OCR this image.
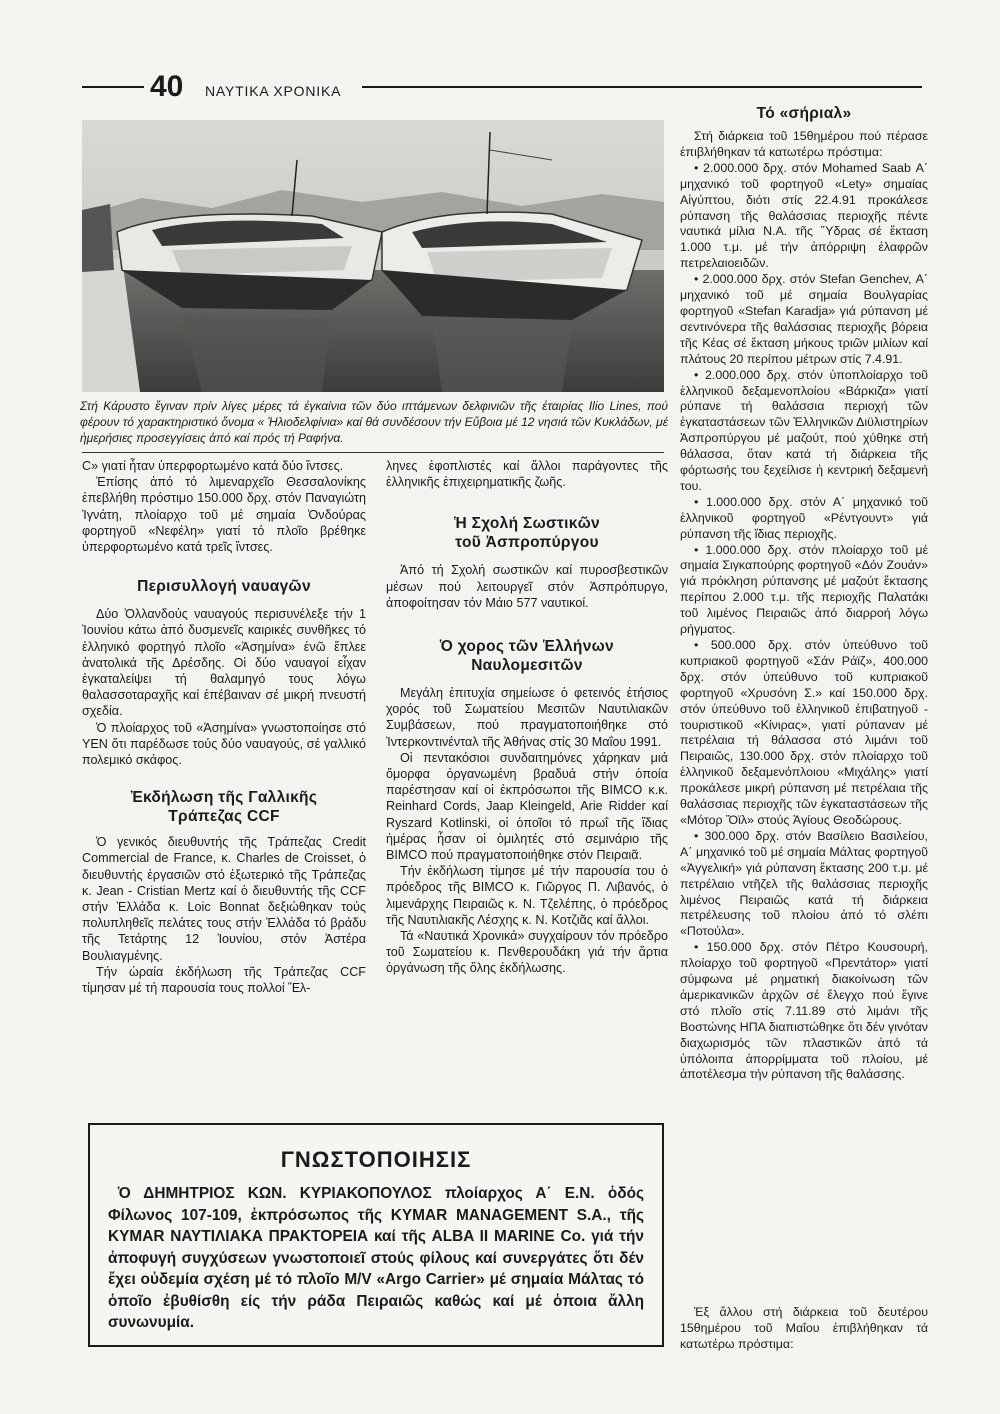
40 ΝΑΥΤΙΚΑ ΧΡΟΝΙΚΑ
Στή Κάρυστο ἔγιναν πρίν λίγες μέρες τά ἐγκαίνια τῶν δύο ιπτάμενων δελφινιῶν τῆς ἐταιρίας Ilio Lines, πού φέρουν τό χαρακτηριστικό ὄνομα « Ἡλιοδελφίνια» καί θά συνδέσουν τήν Εὔβοια μέ 12 νησιά τῶν Κυκλάδων, μέ ἡμερήσιες προσεγγίσεις ἀπό καί πρός τή Ραφήνα.

C» γιατί ἦταν ὑπερφορτωμένο κατά δύο ἴντσες.

Ἐπίσης ἀπό τό λιμεναρχεῖο Θεσσαλονίκης ἐπεβλήθη πρόστιμο 150.000 δρχ. στόν Παναγιώτη Ἰγνάτη, πλοίαρχο τοῦ μέ σημαία Ὀνδούρας φορτηγοῦ «Νεφέλη» γιατί τό πλοῖο βρέθηκε ὑπερφορτωμένο κατά τρεῖς ἴντσες.

Περισυλλογή ναυαγῶν

Δύο Ὀλλανδούς ναυαγούς περισυνέλεξε τήν 1 Ἰουνίου κάτω ἀπό δυσμενεῖς καιρικές συνθῆκες τό ἑλληνικό φορτηγό πλοῖο «Ἀσημίνα» ἐνῶ ἔπλεε ἀνατολικά τῆς Δρέσδης. Οἱ δύο ναυαγοί εἶχαν ἐγκαταλείψει τή θαλαμηγό τους λόγω θαλασσοταραχῆς καί ἐπέβαιναν σέ μικρή πνευστή σχεδία.

Ὁ πλοίαρχος τοῦ «Ἀσημίνα» γνωστοποίησε στό ΥΕΝ ὅτι παρέδωσε τούς δύο ναυαγούς, σέ γαλλικό πολεμικό σκάφος.

Ἐκδήλωση τῆς Γαλλικῆς
Τράπεζας CCF

Ὁ γενικός διευθυντής τῆς Τράπεζας Credit Commercial de France, κ. Charles de Croisset, ὁ διευθυντής ἐργασιῶν στό ἐξωτερικό τῆς Τράπεζας κ. Jean - Cristian Mertz καί ὁ διευθυντής τῆς CCF στήν Ἑλλάδα κ. Loic Bonnat δεξιώθηκαν τούς πολυπληθεῖς πελάτες τους στήν Ἑλλάδα τό βράδυ τῆς Τετάρτης 12 Ἰουνίου, στόν Ἀστέρα Βουλιαγμένης.

Τήν ὡραία ἐκδήλωση τῆς Τράπεζας CCF τίμησαν μέ τή παρουσία τους πολλοί Ἕλ-

ληνες ἐφοπλιστές καί ἄλλοι παράγοντες τῆς ἑλληνικῆς ἐπιχειρηματικῆς ζωῆς.

Ἡ Σχολή Σωστικῶν
τοῦ Ἀσπροπύργου

Ἀπό τή Σχολή σωστικῶν καί πυροσβεστικῶν μέσων πού λειτουργεῖ στόν Ἀσπρόπυργο, ἀποφοίτησαν τόν Μάιο 577 ναυτικοί.

Ὁ χορος τῶν Ἑλλήνων
Ναυλομεσιτῶν

Μεγάλη ἐπιτυχία σημείωσε ὁ φετεινός ἐτήσιος χορός τοῦ Σωματείου Μεσιτῶν Ναυτιλιακῶν Συμβάσεων, πού πραγματοποιήθηκε στό Ἰντερκοντινένταλ τῆς Ἀθήνας στίς 30 Μαΐου 1991.

Οἱ πεντακόσιοι συνδαιτημόνες χάρηκαν μιά ὄμορφα ὀργανωμένη βραδυά στήν ὁποία παρέστησαν καί οἱ ἐκπρόσωποι τῆς BIMCO κ.κ. Reinhard Cords, Jaap Kleingeld, Arie Ridder καί Ryszard Kotlinski, οἱ ὁποῖοι τό πρωΐ τῆς ἴδιας ἡμέρας ἦσαν οἱ ὁμιλητές στό σεμινάριο τῆς BIMCO πού πραγματοποιήθηκε στόν Πειραιᾶ.

Τήν ἐκδήλωση τίμησε μέ τήν παρουσία του ὁ πρόεδρος τῆς BIMCO κ. Γιῶργος Π. Λιβανός, ὁ λιμενάρχης Πειραιῶς κ. Ν. Τζελέπης, ὁ πρόεδρος τῆς Ναυτιλιακῆς Λέσχης κ. Ν. Κοτζιᾶς καί ἄλλοι.

Τά «Ναυτικά Χρονικά» συγχαίρουν τόν πρόεδρο τοῦ Σωματείου κ. Πενθερουδάκη γιά τήν ἄρτια ὀργάνωση τῆς ὅλης ἐκδήλωσης.

Τό «σήριαλ»

Στή διάρκεια τοῦ 15θημέρου πού πέρασε ἐπιβλήθηκαν τά κατωτέρω πρόστιμα:

• 2.000.000 δρχ. στόν Mohamed Saab Α΄ μηχανικό τοῦ φορτηγοῦ «Lety» σημαίας Αἰγύπτου, διότι στίς 22.4.91 προκάλεσε ρύπανση τῆς θαλάσσιας περιοχῆς πέντε ναυτικά μίλια Ν.Α. τῆς Ὕδρας σέ ἔκταση 1.000 τ.μ. μέ τήν ἀπόρριψη ἐλαφρῶν πετρελαιοειδῶν.

• 2.000.000 δρχ. στόν Stefan Genchev, Α΄ μηχανικό τοῦ μέ σημαία Βουλγαρίας φορτηγοῦ «Stefan Karadja» γιά ρύπανση μέ σεντινόνερα τῆς θαλάσσιας περιοχῆς βόρεια τῆς Κέας σέ ἔκταση μήκους τριῶν μιλίων καί πλάτους 20 περίπου μέτρων στίς 7.4.91.

• 2.000.000 δρχ. στόν ὑποπλοίαρχο τοῦ ἑλληνικοῦ δεξαμενοπλοίου «Βάρκιζα» γιατί ρύπανε τή θαλάσσια περιοχή τῶν ἐγκαταστάσεων τῶν Ἑλληνικῶν Διϋλιστηρίων Ἀσπροπύργου μέ μαζούτ, πού χύθηκε στή θάλασσα, ὅταν κατά τή διάρκεια τῆς φόρτωσής του ξεχείλισε ἡ κεντρική δεξαμενή του.

• 1.000.000 δρχ. στόν Α΄ μηχανικό τοῦ ἑλληνικοῦ φορτηγοῦ «Ρέντγουντ» γιά ρύπανση τῆς ἴδιας περιοχῆς.

• 1.000.000 δρχ. στόν πλοίαρχο τοῦ μέ σημαία Σιγκαπούρης φορτηγοῦ «Δόν Ζουάν» γιά πρόκληση ρύπανσης μέ μαζούτ ἔκτασης περίπου 2.000 τ.μ. τῆς περιοχῆς Παλατάκι τοῦ λιμένος Πειραιῶς ἀπό διαρροή λόγω ρήγματος.

• 500.000 δρχ. στόν ὑπεύθυνο τοῦ κυπριακοῦ φορτηγοῦ «Σάν Ράϊζ», 400.000 δρχ. στόν ὑπεύθυνο τοῦ κυπριακοῦ φορτηγοῦ «Χρυσόνη Σ.» καί 150.000 δρχ. στόν ὑπεύθυνο τοῦ ἑλληνικοῦ ἐπιβατηγοῦ - τουριστικοῦ «Κίνιρας», γιατί ρύπαναν μέ πετρέλαια τή θάλασσα στό λιμάνι τοῦ Πειραιῶς, 130.000 δρχ. στόν πλοίαρχο τοῦ ἑλληνικοῦ δεξαμενόπλοιου «Μιχάλης» γιατί προκάλεσε μικρή ρύπανση μέ πετρέλαια τῆς θαλάσσιας περιοχῆς τῶν ἐγκαταστάσεων τῆς «Μότορ Ὄϊλ» στούς Ἁγίους Θεοδώρους.

• 300.000 δρχ. στόν Βασίλειο Βασιλείου, Α΄ μηχανικό τοῦ μέ σημαία Μάλτας φορτηγοῦ «Ἀγγελική» γιά ρύπανση ἔκτασης 200 τ.μ. μέ πετρέλαιο ντῆζελ τῆς θαλάσσιας περιοχῆς λιμένος Πειραιῶς κατά τή διάρκεια πετρέλευσης τοῦ πλοίου ἀπό τό σλέπι «Ποτούλα».

• 150.000 δρχ. στόν Πέτρο Κουσουρή, πλοίαρχο τοῦ φορτηγοῦ «Πρεντάτορ» γιατί σύμφωνα μέ ρηματική διακοίνωση τῶν ἀμερικανικῶν ἀρχῶν σέ ἔλεγχο πού ἔγινε στό πλοῖο στίς 7.11.89 στό λιμάνι τῆς Βοστώνης ΗΠΑ διαπιστώθηκε ὅτι δέν γινόταν διαχωρισμός τῶν πλαστικῶν ἀπό τά ὑπόλοιπα ἀπορρίμματα τοῦ πλοίου, μέ ἀποτέλεσμα τήν ρύπανση τῆς θαλάσσης.

Ἐξ ἄλλου στή διάρκεια τοῦ δευτέρου 15θημέρου τοῦ Μαΐου ἐπιβλήθηκαν τά κατωτέρω πρόστιμα:
ΓΝΩΣΤΟΠΟΙΗΣΙΣ

Ὁ ΔΗΜΗΤΡΙΟΣ ΚΩΝ. ΚΥΡΙΑΚΟΠΟΥΛΟΣ πλοίαρχος Α΄ Ε.Ν. ὁδός Φίλωνος 107-109, ἐκπρόσωπος τῆς KYMAR MANAGEMENT S.A., τῆς KYMAR ΝΑΥΤΙΛΙΑΚΑ ΠΡΑΚΤΟΡΕΙΑ καί τῆς ALBA II MARINE Co. γιά τήν ἀποφυγή συγχύσεων γνωστοποιεῖ στούς φίλους καί συνεργάτες ὅτι δέν ἔχει οὐδεμία σχέση μέ τό πλοῖο M/V «Argo Carrier» μέ σημαία Μάλτας τό ὁποῖο ἐβυθίσθη είς τήν ράδα Πειραιῶς καθώς καί μέ ὁποια ἄλλη συνωνυμία.
